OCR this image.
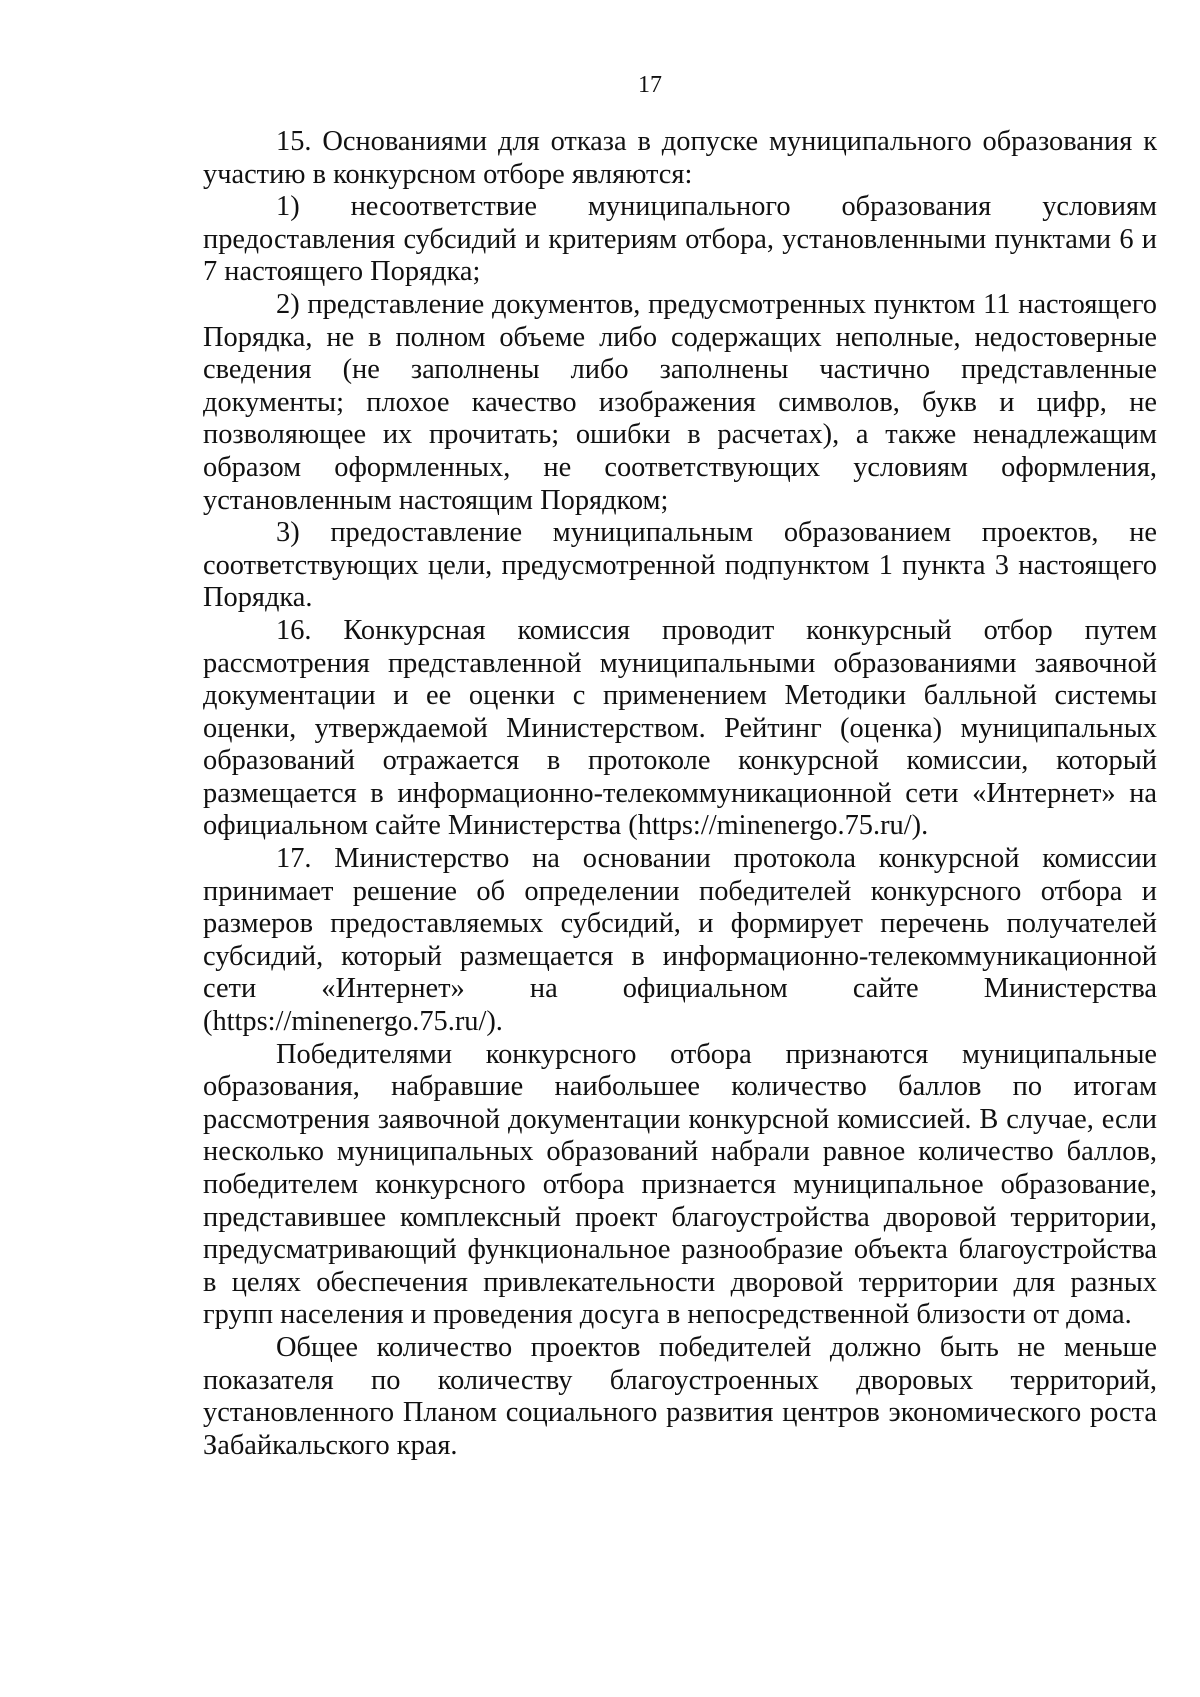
17

15. Основаниями для отказа в допуске муниципального образования к участию в конкурсном отборе являются:

1) несоответствие муниципального образования условиям предоставления субсидий и критериям отбора, установленными пунктами 6 и 7 настоящего Порядка;

2) представление документов, предусмотренных пунктом 11 настоящего Порядка, не в полном объеме либо содержащих неполные, недостоверные сведения (не заполнены либо заполнены частично представленные документы; плохое качество изображения символов, букв и цифр, не позволяющее их прочитать; ошибки в расчетах), а также ненадлежащим образом оформленных, не соответствующих условиям оформления, установленным настоящим Порядком;

3) предоставление муниципальным образованием проектов, не соответствующих цели, предусмотренной подпунктом 1 пункта 3 настоящего Порядка.

16. Конкурсная комиссия проводит конкурсный отбор путем рассмотрения представленной муниципальными образованиями заявочной документации и ее оценки с применением Методики балльной системы оценки, утверждаемой Министерством. Рейтинг (оценка) муниципальных образований отражается в протоколе конкурсной комиссии, который размещается в информационно-телекоммуникационной сети «Интернет» на официальном сайте Министерства (https://minenergo.75.ru/).

17. Министерство на основании протокола конкурсной комиссии принимает решение об определении победителей конкурсного отбора и размеров предоставляемых субсидий, и формирует перечень получателей субсидий, который размещается в информационно-телекоммуникационной сети «Интернет» на официальном сайте Министерства (https://minenergo.75.ru/).

Победителями конкурсного отбора признаются муниципальные образования, набравшие наибольшее количество баллов по итогам рассмотрения заявочной документации конкурсной комиссией. В случае, если несколько муниципальных образований набрали равное количество баллов, победителем конкурсного отбора признается муниципальное образование, представившее комплексный проект благоустройства дворовой территории, предусматривающий функциональное разнообразие объекта благоустройства в целях обеспечения привлекательности дворовой территории для разных групп населения и проведения досуга в непосредственной близости от дома.

Общее количество проектов победителей должно быть не меньше показателя по количеству благоустроенных дворовых территорий, установленного Планом социального развития центров экономического роста Забайкальского края.
